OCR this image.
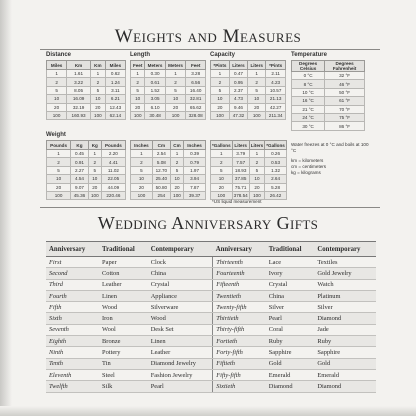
Weights and Measures
Distance
Miles	Km	Km	Miles
1	1.61	1	0.62
2	3.22	2	1.24
5	8.05	5	3.11
10	16.09	10	6.21
20	32.19	20	12.43
100	160.93	100	62.14
Length
Feet	Meters	Meters	Feet
1	0.30	1	3.28
2	0.61	2	6.56
5	1.52	5	16.40
10	3.05	10	32.81
20	6.10	20	65.62
100	30.48	100	328.08
Capacity
*Pints	Liters	Liters	*Pints
1	0.47	1	2.11
2	0.95	2	4.23
5	2.37	5	10.57
10	4.73	10	21.13
20	9.46	20	42.27
100	47.32	100	211.34
Temperature
Degrees Celsius	Degrees Fahrenheit
0 °C	32 °F
8 °C	46 °F
10 °C	50 °F
16 °C	61 °F
21 °C	70 °F
24 °C	75 °F
30 °C	86 °F
Weight
Pounds	Kg	Kg	Pounds
1	0.45	1	2.20
2	0.91	2	4.41
5	2.27	5	11.02
10	4.54	10	22.05
20	9.07	20	44.09
100	45.36	100	220.46
Inches	Cm	Cm	Inches
1	2.54	1	0.39
2	5.08	2	0.79
5	12.70	5	1.97
10	25.40	10	3.94
20	50.80	20	7.87
100	254	100	39.37
*Gallons	Liters	Liters	*Gallons
1	3.79	1	0.26
2	7.57	2	0.53
5	18.93	5	1.32
10	37.85	10	2.64
20	75.71	20	5.28
100	378.54	100	26.42
Water freezes at 0 °C and boils at 100 °C
km = kilometers
cm = centimeters
kg = kilograms
*US liquid measurement
Wedding Anniversary Gifts
Anniversary	Traditional	Contemporary	Anniversary	Traditional	Contemporary
First	Paper	Clock	Thirteenth	Lace	Textiles
Second	Cotton	China	Fourteenth	Ivory	Gold Jewelry
Third	Leather	Crystal	Fifteenth	Crystal	Watch
Fourth	Linen	Appliance	Twentieth	China	Platinum
Fifth	Wood	Silverware	Twenty-fifth	Silver	Silver
Sixth	Iron	Wood	Thirtieth	Pearl	Diamond
Seventh	Wool	Desk Set	Thirty-fifth	Coral	Jade
Eighth	Bronze	Linen	Fortieth	Ruby	Ruby
Ninth	Pottery	Leather	Forty-fifth	Sapphire	Sapphire
Tenth	Tin	Diamond Jewelry	Fiftieth	Gold	Gold
Eleventh	Steel	Fashion Jewelry	Fifty-fifth	Emerald	Emerald
Twelfth	Silk	Pearl	Sixtieth	Diamond	Diamond
